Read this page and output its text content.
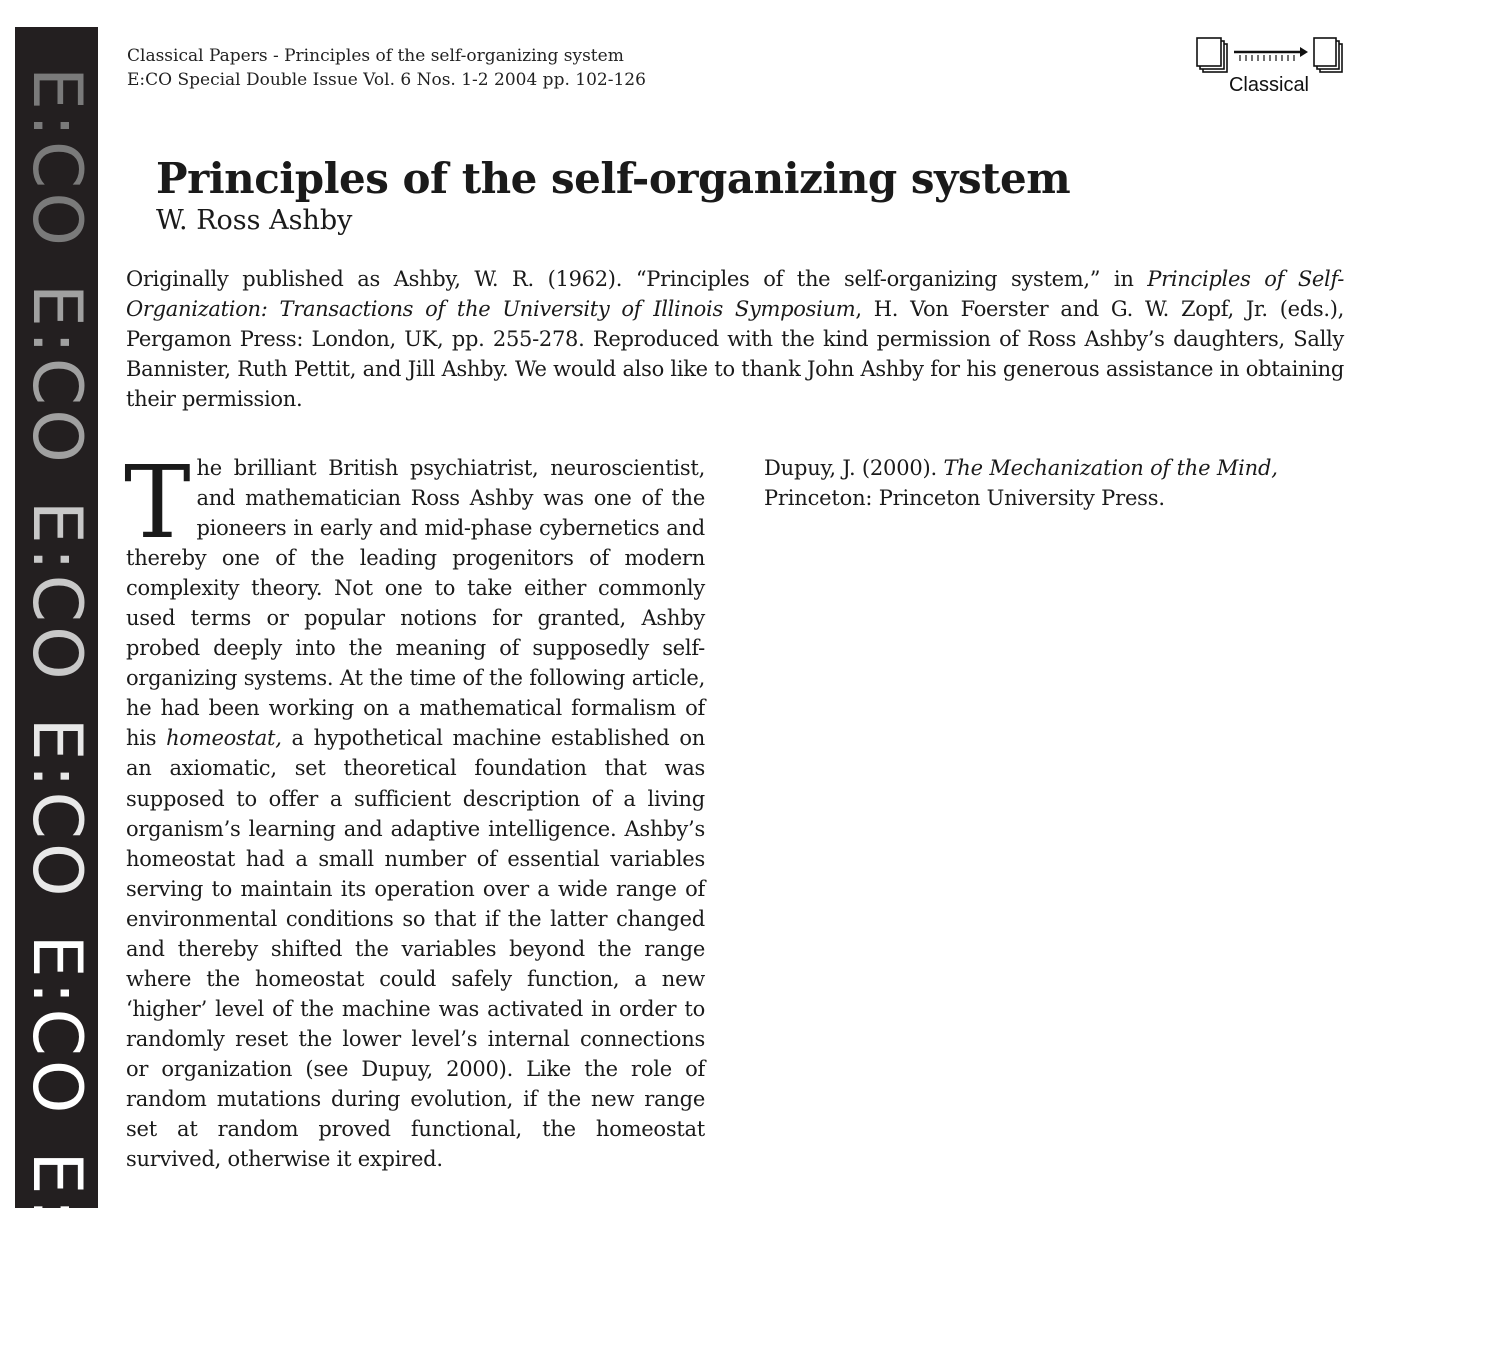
E:COE:COE:COE:COE:COE:CO
Classical Papers - Principles of the self-organizing system
E:CO Special Double Issue Vol. 6 Nos. 1-2 2004 pp. 102-126	Classical
Principles of the self-organizing system
W. Ross Ashby
Originally published as Ashby, W. R. (1962). “Principles of the self-organizing system,” in Principles of Self-Organization: Transactions of the University of Illinois Symposium, H. Von Foerster and G. W. Zopf, Jr. (eds.), Pergamon Press: London, UK, pp. 255-278. Reproduced with the kind permission of Ross Ashby’s daughters, Sally Bannister, Ruth Pettit, and Jill Ashby. We would also like to thank John Ashby for his generous assistance in obtaining their permission.
The brilliant British psychiatrist, neuroscientist, and mathematician Ross Ashby was one of the pioneers in early and mid-phase cybernetics and thereby one of the leading progenitors of modern complexity theory. Not one to take either commonly used terms or popular notions for granted, Ashby probed deeply into the meaning of supposedly self-organizing systems. At the time of the following article, he had been working on a mathematical formalism of his homeostat, a hypothetical machine established on an axiomatic, set theoretical foundation that was supposed to offer a sufficient description of a living organism’s learning and adaptive intelligence. Ashby’s homeostat had a small number of essential variables serving to maintain its operation over a wide range of environmental conditions so that if the latter changed and thereby shifted the variables beyond the range where the homeostat could safely function, a new ‘higher’ level of the machine was activated in order to randomly reset the lower level’s internal connections or organization (see Dupuy, 2000). Like the role of random mutations during evolution, if the new range set at random proved functional, the homeostat survived, otherwise it expired.
Dupuy, J. (2000). The Mechanization of the Mind, Princeton: Princeton University Press.
